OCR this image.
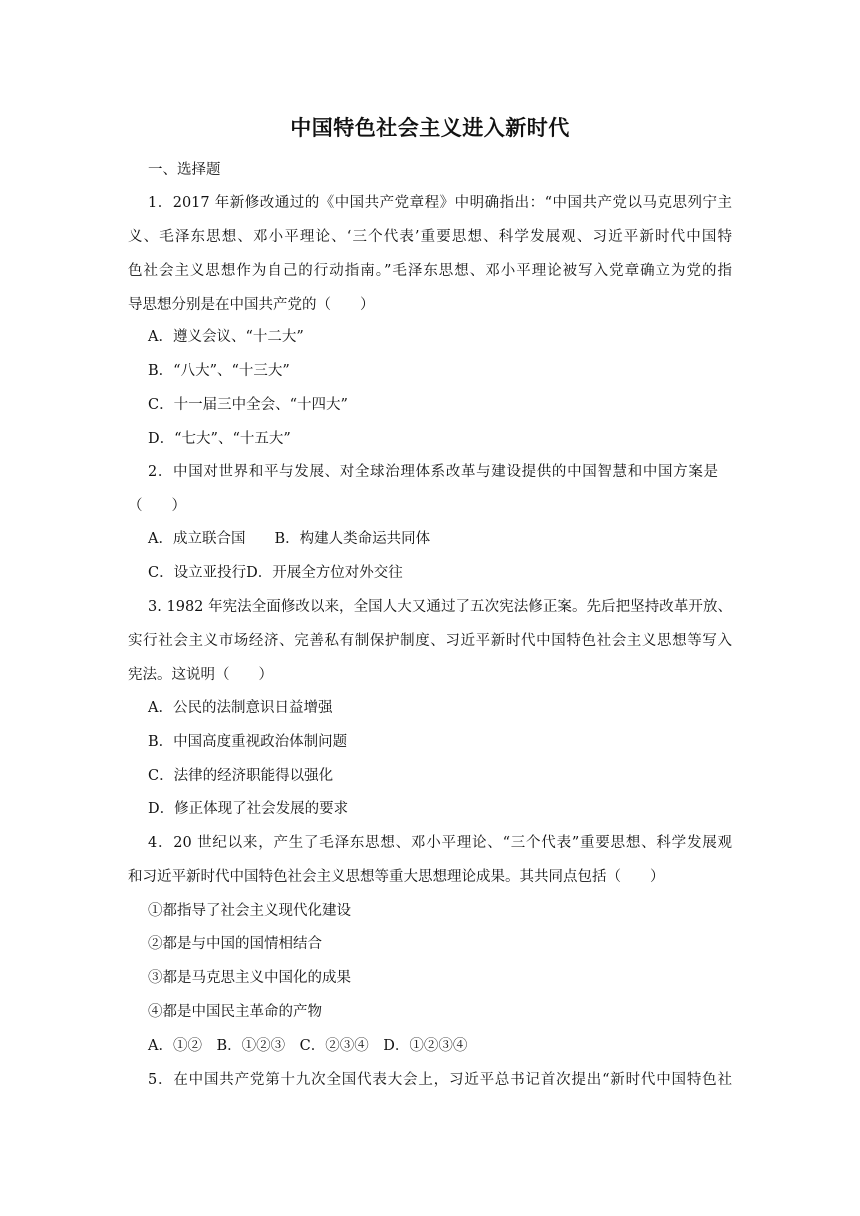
中国特色社会主义进入新时代
一、选择题
1．2017 年新修改通过的《中国共产党章程》中明确指出：“中国共产党以马克思列宁主
义、毛泽东思想、邓小平理论、‘三个代表’重要思想、科学发展观、习近平新时代中国特
色社会主义思想作为自己的行动指南。”毛泽东思想、邓小平理论被写入党章确立为党的指
导思想分别是在中国共产党的（　　）
A．遵义会议、“十二大”
B．“八大”、“十三大”
C．十一届三中全会、“十四大”
D．“七大”、“十五大”
2．中国对世界和平与发展、对全球治理体系改革与建设提供的中国智慧和中国方案是
（　　）
A．成立联合国　　B．构建人类命运共同体
C．设立亚投行D．开展全方位对外交往
3. 1982 年宪法全面修改以来，全国人大又通过了五次宪法修正案。先后把坚持改革开放、
实行社会主义市场经济、完善私有制保护制度、习近平新时代中国特色社会主义思想等写入
宪法。这说明（　　）
A．公民的法制意识日益增强
B．中国高度重视政治体制问题
C．法律的经济职能得以强化
D．修正体现了社会发展的要求
4．20 世纪以来，产生了毛泽东思想、邓小平理论、“三个代表”重要思想、科学发展观
和习近平新时代中国特色社会主义思想等重大思想理论成果。其共同点包括（　　）
①都指导了社会主义现代化建设
②都是与中国的国情相结合
③都是马克思主义中国化的成果
④都是中国民主革命的产物
A．①②　B．①②③　C．②③④　D．①②③④
5．在中国共产党第十九次全国代表大会上，习近平总书记首次提出“新时代中国特色社
